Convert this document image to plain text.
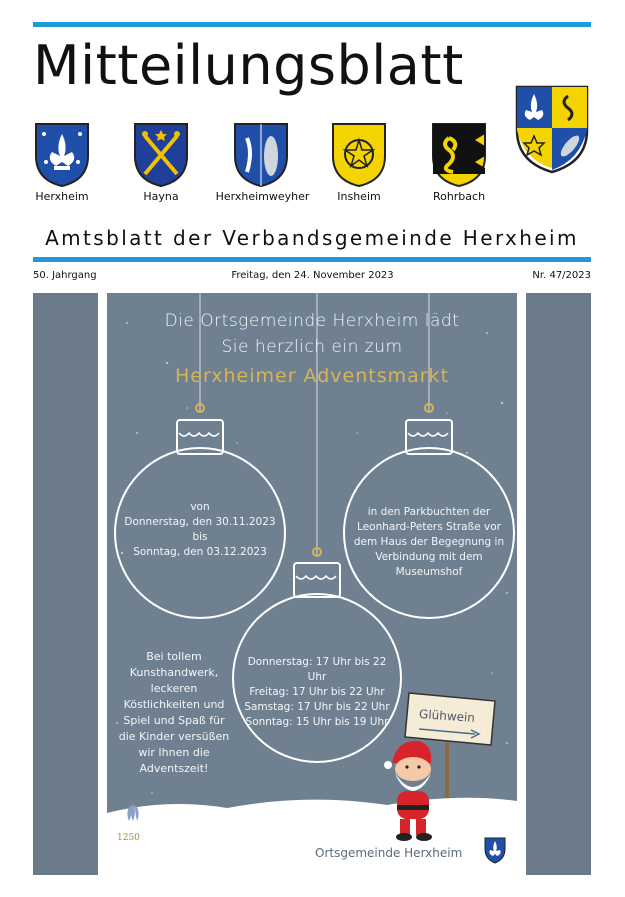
Mitteilungsblatt
Herxheim	Hayna	Herxheimweyher	Insheim	Rohrbach
Amtsblatt der Verbandsgemeinde Herxheim
50. Jahrgang	Freitag, den 24. November 2023	Nr. 47/2023
Die Ortsgemeinde Herxheim lädt
Sie herzlich ein zum
Herxheimer Adventsmarkt
von
Donnerstag, den 30.11.2023
bis
Sonntag, den 03.12.2023
in den Parkbuchten der
Leonhard-Peters Straße vor
dem Haus der Begegnung in
Verbindung mit dem
Museumshof
Donnerstag: 17 Uhr bis 22 Uhr
Freitag: 17 Uhr bis 22 Uhr
Samstag: 17 Uhr bis 22 Uhr
Sonntag: 15 Uhr bis 19 Uhr
Bei tollem
Kunsthandwerk,
leckeren
Köstlichkeiten und
Spiel und Spaß für
die Kinder versüßen
wir Ihnen die
Adventszeit!
Glühwein
1250
Ortsgemeinde Herxheim
